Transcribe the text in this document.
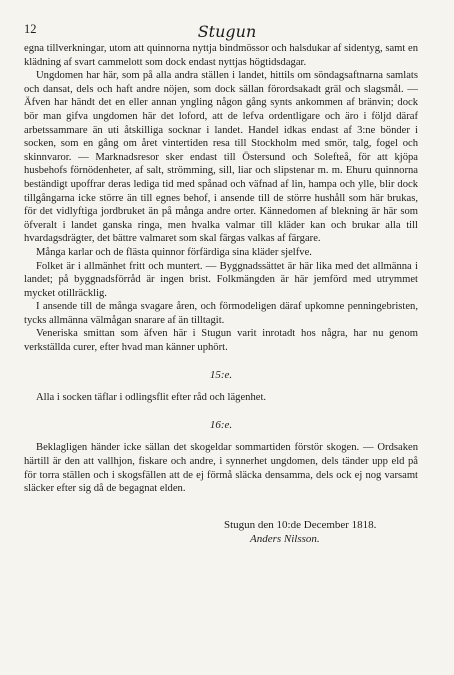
12	Stugun

egna tillverkningar, utom att quinnorna nyttja bindmössor och halsdukar af sidentyg, samt en klädning af svart cammelott som dock endast nyttjas högtidsdagar.

Ungdomen har här, som på alla andra ställen i landet, hittils om söndagsaftnarna samlats och dansat, dels och haft andre nöjen, som dock sällan förordsakadt gräl och slagsmål. — Äfven har händt det en eller annan yngling någon gång synts ankommen af bränvin; dock bör man gifva ungdomen här det loford, att de lefva ordentligare och äro i följd däraf arbetssammare än uti åtskilliga socknar i landet. Handel idkas endast af 3:ne bönder i socken, som en gång om året vintertiden resa till Stockholm med smör, talg, fogel och skinnvaror. — Marknadsresor sker endast till Östersund och Solefteå, för att kjöpa husbehofs förnödenheter, af salt, strömming, sill, liar och slipstenar m. m. Ehuru quinnorna beständigt upoffrar deras lediga tid med spånad och väfnad af lin, hampa och ylle, blir dock tillgångarna icke större än till egnes behof, i ansende till de större hushåll som här brukas, för det vidlyftiga jordbruket än på många andre orter. Kännedomen af blekning är här som öfveralt i landet ganska ringa, men hvalka valmar till kläder kan och brukar alla till hvardagsdrägter, det bättre valmaret som skal färgas valkas af färgare.

Många karlar och de flästa quinnor förfärdiga sina kläder sjelfve.

Folket är i allmänhet fritt och muntert. — Byggnadssättet är här lika med det allmänna i landet; på byggnadsförråd är ingen brist. Folkmängden är här jemförd med utrymmet mycket otillräcklig.

I ansende till de många svagare åren, och förmodeligen däraf upkomne penningebristen, tycks allmänna välmågan snarare af än tilltagit.

Veneriska smittan som äfven här i Stugun varit inrotadt hos några, har nu genom verkställda curer, efter hvad man känner uphört.

15:e.

Alla i socken täflar i odlingsflit efter råd och lägenhet.

16:e.

Beklagligen händer icke sällan det skogeldar sommartiden förstör skogen. — Ordsaken härtill är den att vallhjon, fiskare och andre, i synnerhet ungdomen, dels tänder upp eld på för torra ställen och i skogsfällen att de ej förmå släcka densamma, dels ock ej nog varsamt släcker efter sig då de begagnat elden.

Stugun den 10:de December 1818.
Anders Nilsson.
